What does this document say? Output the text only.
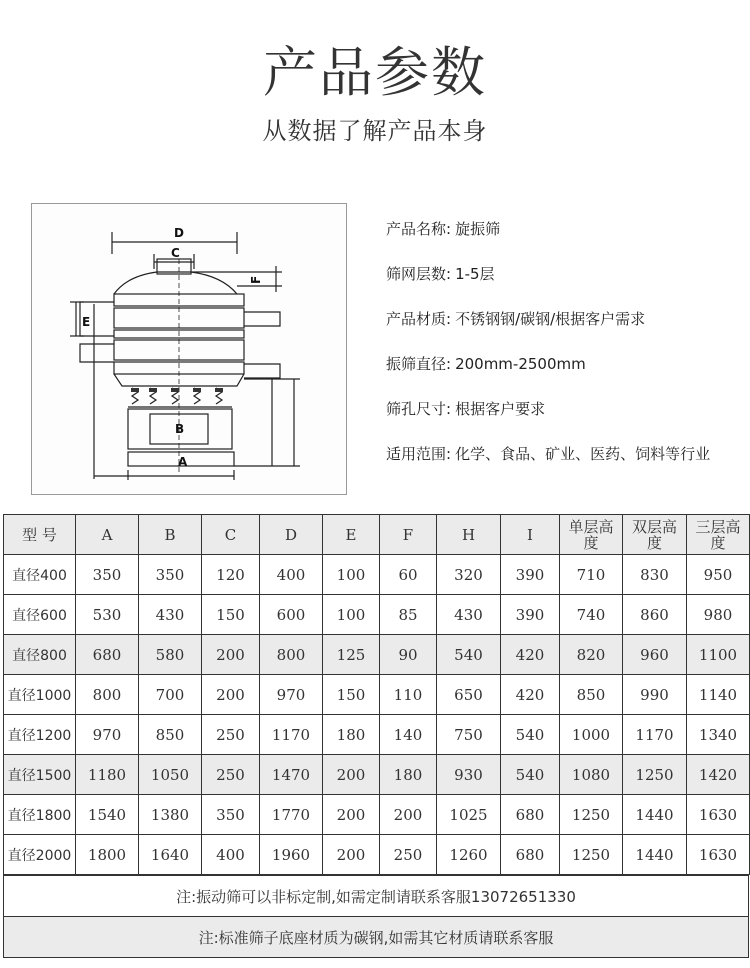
产品参数
从数据了解产品本身
D
C
F
E
B
A
产品名称: 旋振筛
筛网层数: 1-5层
产品材质: 不锈钢钢/碳钢/根据客户需求
振筛直径: 200mm-2500mm
筛孔尺寸: 根据客户要求
适用范围: 化学、食品、矿业、医药、饲料等行业
型 号	A	B	C	D	E	F	H	I	单层高度	双层高度	三层高度
直径400	350	350	120	400	100	60	320	390	710	830	950
直径600	530	430	150	600	100	85	430	390	740	860	980
直径800	680	580	200	800	125	90	540	420	820	960	1100
直径1000	800	700	200	970	150	110	650	420	850	990	1140
直径1200	970	850	250	1170	180	140	750	540	1000	1170	1340
直径1500	1180	1050	250	1470	200	180	930	540	1080	1250	1420
直径1800	1540	1380	350	1770	200	200	1025	680	1250	1440	1630
直径2000	1800	1640	400	1960	200	250	1260	680	1250	1440	1630
注:振动筛可以非标定制,如需定制请联系客服13072651330
注:标准筛子底座材质为碳钢,如需其它材质请联系客服
